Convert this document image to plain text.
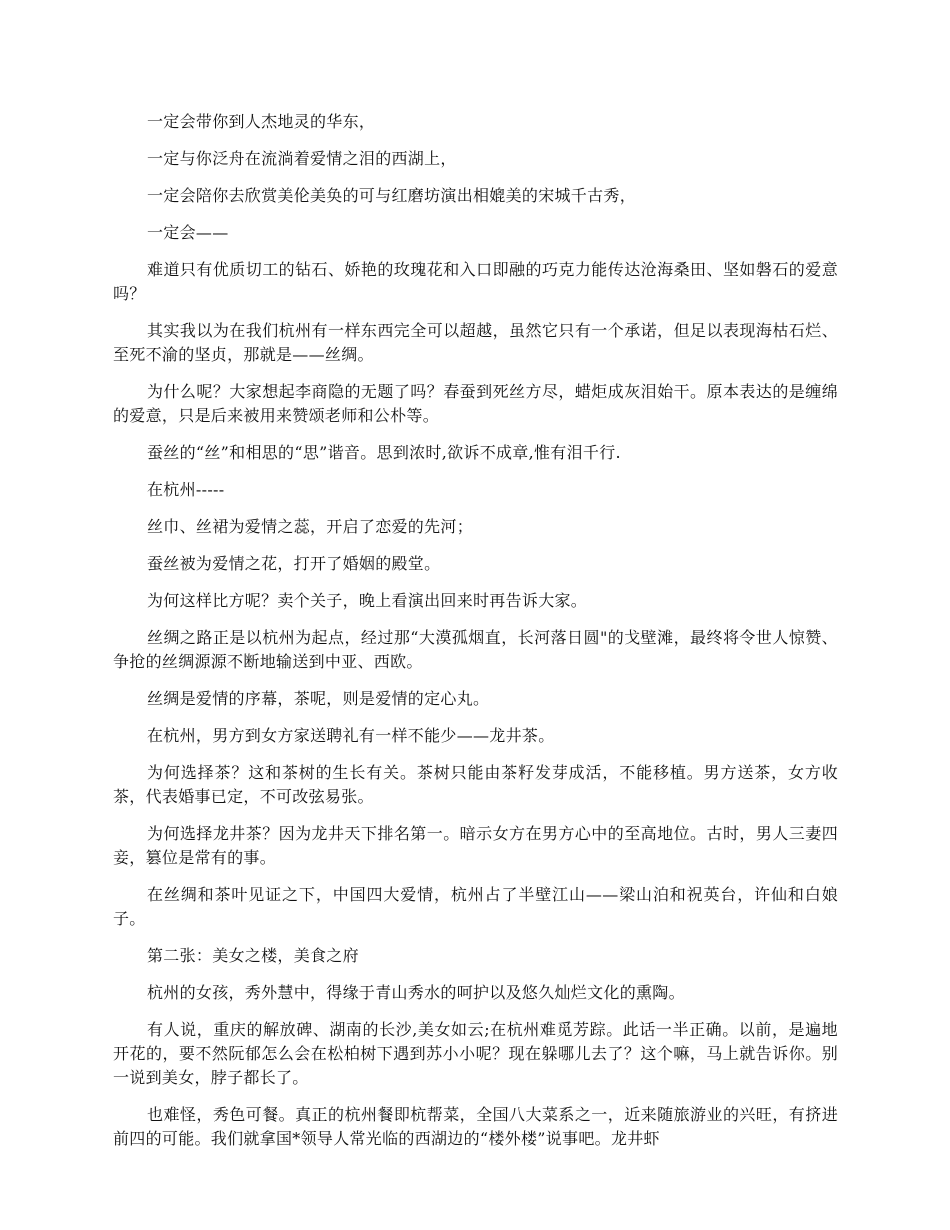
一定会带你到人杰地灵的华东，

一定与你泛舟在流淌着爱情之泪的西湖上，

一定会陪你去欣赏美伦美奂的可与红磨坊演出相媲美的宋城千古秀，

一定会——

难道只有优质切工的钻石、娇艳的玫瑰花和入口即融的巧克力能传达沧海桑田、坚如磐石的爱意吗？

其实我以为在我们杭州有一样东西完全可以超越，虽然它只有一个承诺，但足以表现海枯石烂、至死不渝的坚贞，那就是——丝绸。

为什么呢？大家想起李商隐的无题了吗？春蚕到死丝方尽，蜡炬成灰泪始干。原本表达的是缠绵的爱意，只是后来被用来赞颂老师和公朴等。

蚕丝的“丝”和相思的“思”谐音。思到浓时,欲诉不成章,惟有泪千行.

在杭州-----

丝巾、丝裙为爱情之蕊，开启了恋爱的先河；

蚕丝被为爱情之花，打开了婚姻的殿堂。

为何这样比方呢？卖个关子，晚上看演出回来时再告诉大家。

丝绸之路正是以杭州为起点，经过那“大漠孤烟直，长河落日圆"的戈壁滩，最终将令世人惊赞、争抢的丝绸源源不断地输送到中亚、西欧。

丝绸是爱情的序幕，茶呢，则是爱情的定心丸。

在杭州，男方到女方家送聘礼有一样不能少——龙井茶。

为何选择茶？这和茶树的生长有关。茶树只能由茶籽发芽成活，不能移植。男方送茶，女方收茶，代表婚事已定，不可改弦易张。

为何选择龙井茶？因为龙井天下排名第一。暗示女方在男方心中的至高地位。古时，男人三妻四妾，篡位是常有的事。

在丝绸和茶叶见证之下，中国四大爱情，杭州占了半壁江山——梁山泊和祝英台，许仙和白娘子。

第二张：美女之楼，美食之府

杭州的女孩，秀外慧中，得缘于青山秀水的呵护以及悠久灿烂文化的熏陶。

有人说，重庆的解放碑、湖南的长沙,美女如云;在杭州难觅芳踪。此话一半正确。以前，是遍地开花的，要不然阮郁怎么会在松柏树下遇到苏小小呢？现在躲哪儿去了？这个嘛，马上就告诉你。别一说到美女，脖子都长了。

也难怪，秀色可餐。真正的杭州餐即杭帮菜，全国八大菜系之一，近来随旅游业的兴旺，有挤进前四的可能。我们就拿国*领导人常光临的西湖边的“楼外楼”说事吧。龙井虾
